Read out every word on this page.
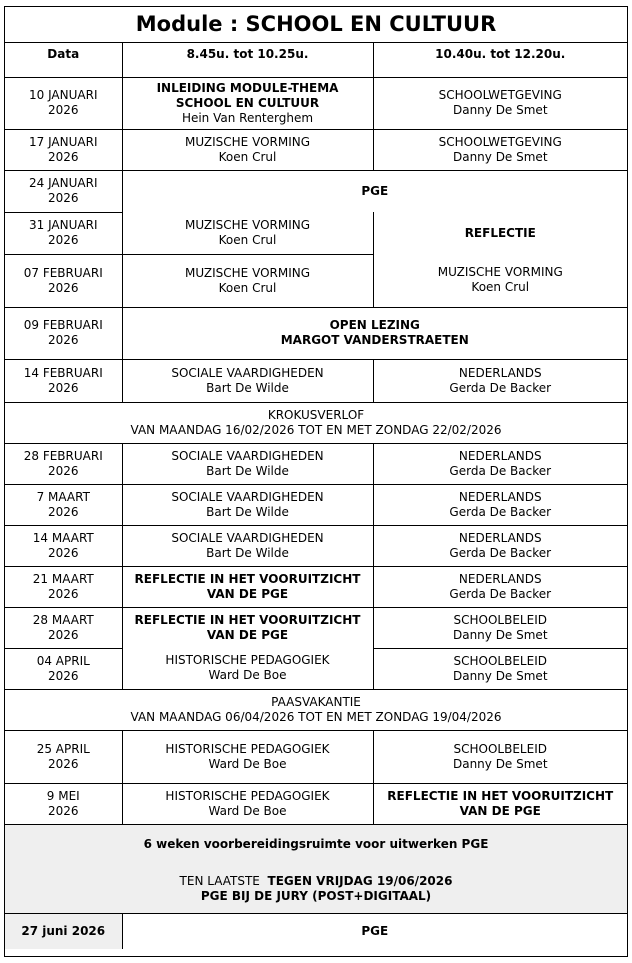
Module : SCHOOL EN CULTUUR		
Data	8.45u. tot 10.25u.	10.40u. tot 12.20u.

10 JANUARI
2026	INLEIDING MODULE-THEMA
SCHOOL EN CULTUUR
Hein Van Renterghem	SCHOOLWETGEVING
Danny De Smet

17 JANUARI
2026	MUZISCHE VORMING
Koen Crul	SCHOOLWETGEVING
Danny De Smet

24 JANUARI
2026	PGE	

31 JANUARI
2026	MUZISCHE VORMING
Koen Crul	REFLECTIE

07 FEBRUARI
2026	MUZISCHE VORMING
Koen Crul	MUZISCHE VORMING
Koen Crul

09 FEBRUARI
2026	OPEN LEZING
MARGOT VANDERSTRAETEN	

14 FEBRUARI
2026	SOCIALE VAARDIGHEDEN
Bart De Wilde	NEDERLANDS
Gerda De Backer

KROKUSVERLOF
VAN MAANDAG 16/02/2026 TOT EN MET ZONDAG 22/02/2026		

28 FEBRUARI
2026	SOCIALE VAARDIGHEDEN
Bart De Wilde	NEDERLANDS
Gerda De Backer

7 MAART
2026	SOCIALE VAARDIGHEDEN
Bart De Wilde	NEDERLANDS
Gerda De Backer

14 MAART
2026	SOCIALE VAARDIGHEDEN
Bart De Wilde	NEDERLANDS
Gerda De Backer

21 MAART
2026	REFLECTIE IN HET VOORUITZICHT
VAN DE PGE	NEDERLANDS
Gerda De Backer

28 MAART
2026	REFLECTIE IN HET VOORUITZICHT
VAN DE PGE	SCHOOLBELEID
Danny De Smet

04 APRIL
2026	HISTORISCHE PEDAGOGIEK
Ward De Boe	SCHOOLBELEID
Danny De Smet

PAASVAKANTIE
VAN MAANDAG 06/04/2026 TOT EN MET ZONDAG 19/04/2026		

25 APRIL
2026	HISTORISCHE PEDAGOGIEK
Ward De Boe	SCHOOLBELEID
Danny De Smet

9 MEI
2026	HISTORISCHE PEDAGOGIEK
Ward De Boe	REFLECTIE IN HET VOORUITZICHT
VAN DE PGE

6 weken voorbereidingsruimte voor uitwerken PGE
TEN LAATSTE TEGEN VRIJDAG 19/06/2026
PGE BIJ DE JURY (POST+DIGITAAL)		

27 juni 2026	PGE	
